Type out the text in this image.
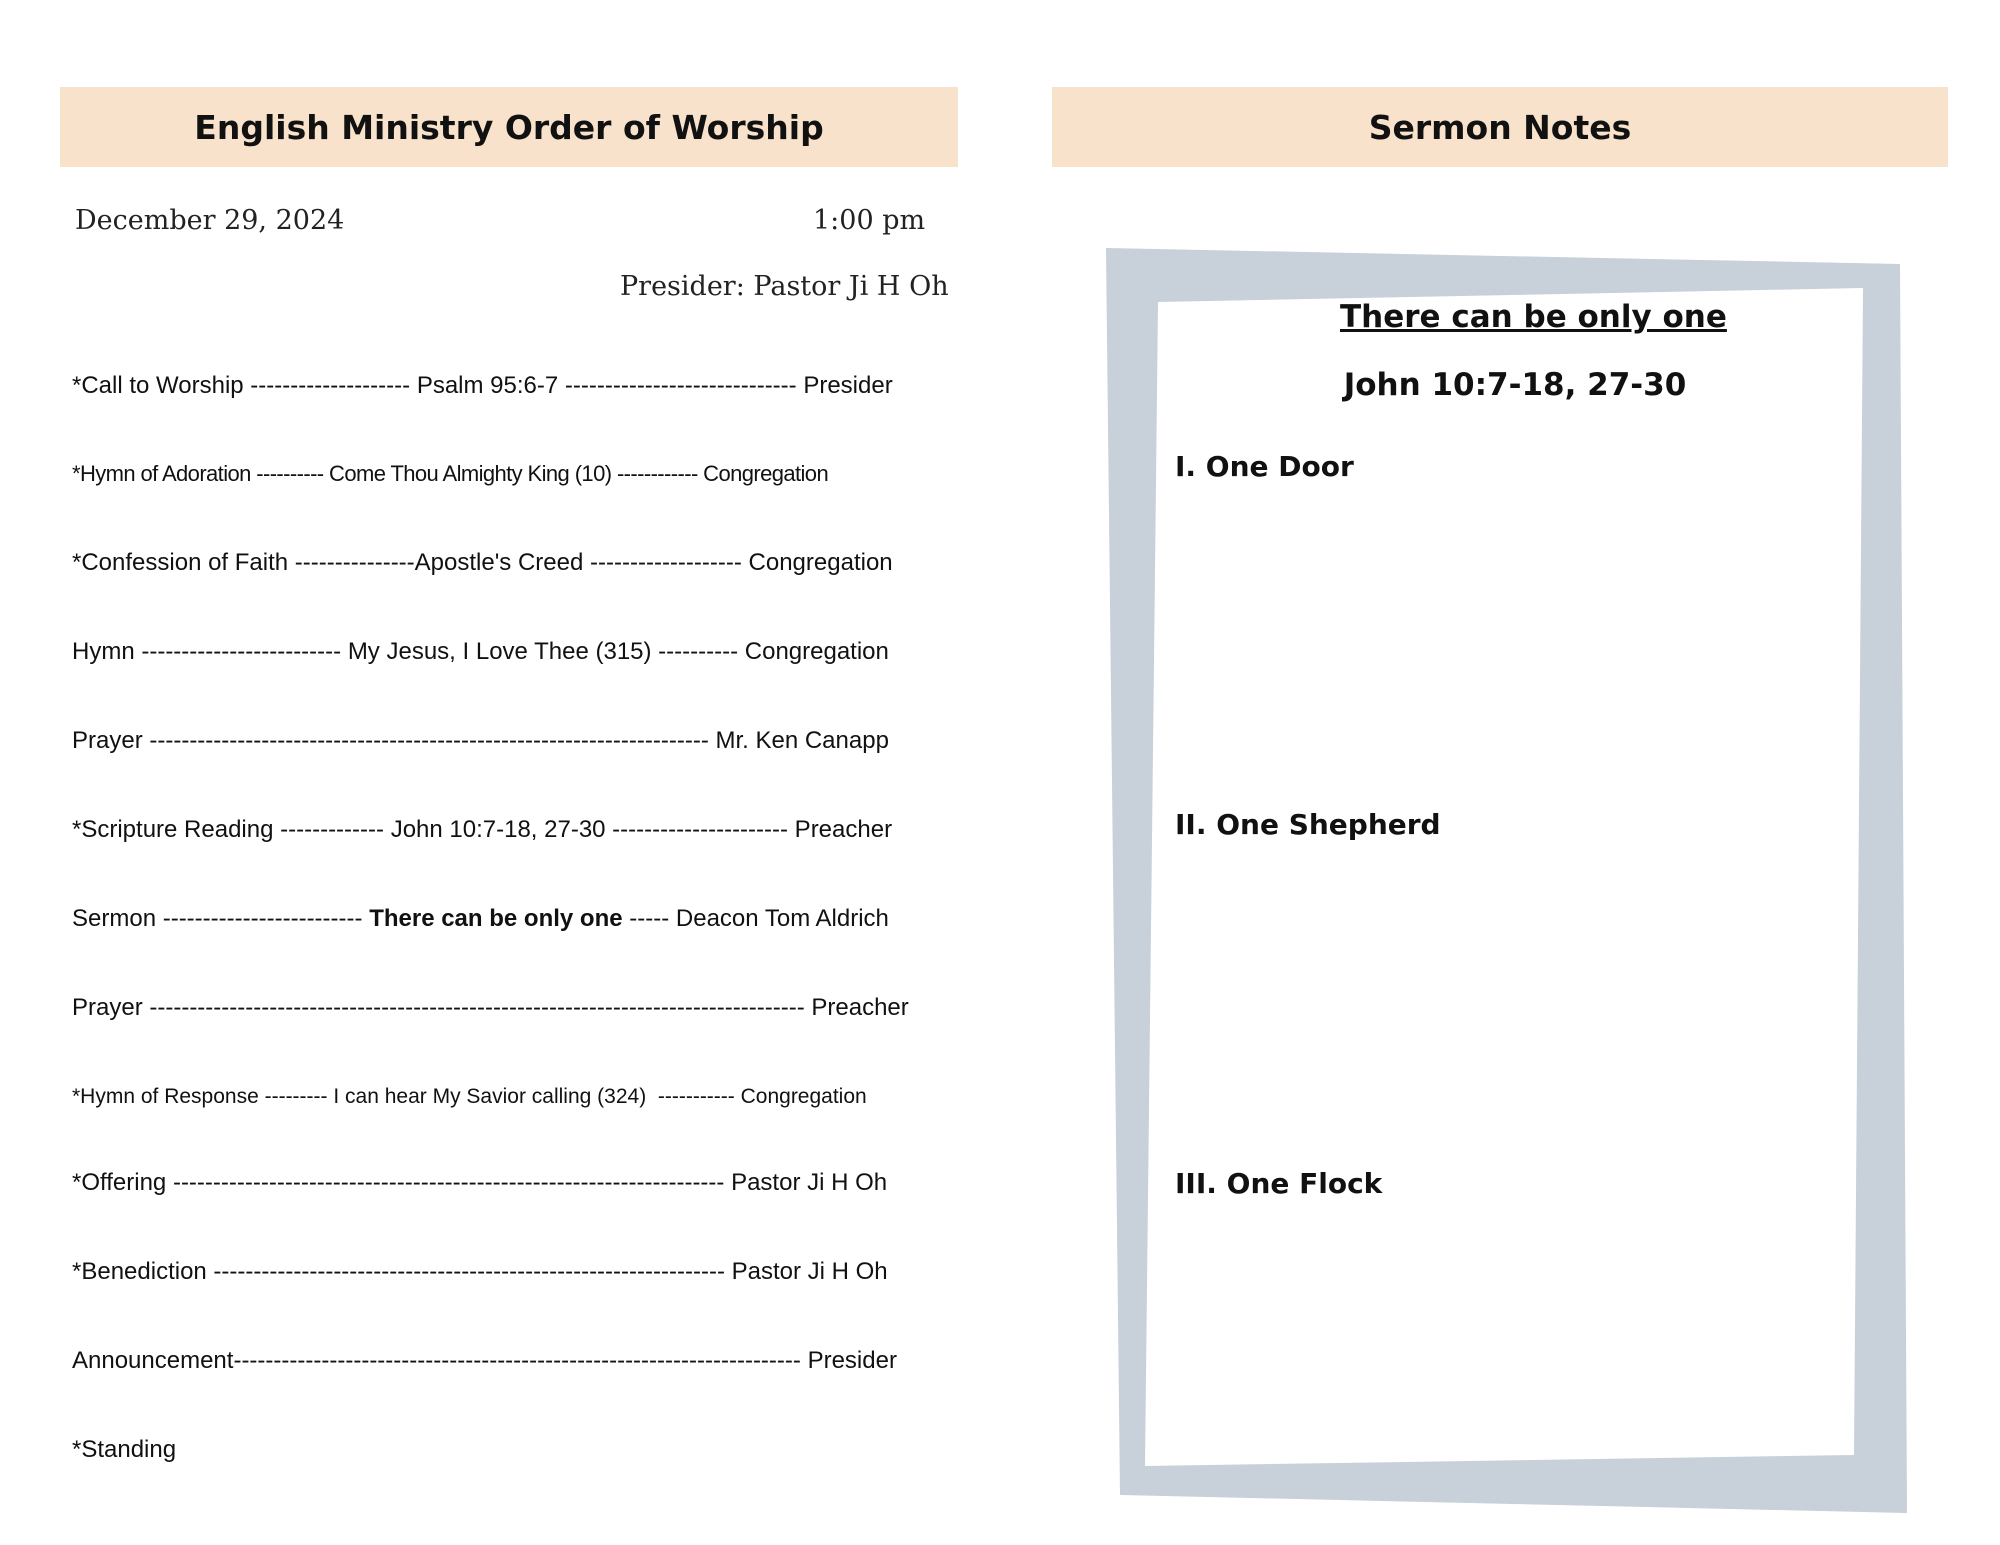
English Ministry Order of Worship	Sermon Notes
December 29, 2024	1:00 pm
Presider: Pastor Ji H Oh
*Call to Worship -------------------- Psalm 95:6-7 ----------------------------- Presider
*Hymn of Adoration ---------- Come Thou Almighty King (10) ------------ Congregation
*Confession of Faith ---------------Apostle's Creed ------------------- Congregation
Hymn ------------------------- My Jesus, I Love Thee (315) ---------- Congregation
Prayer ---------------------------------------------------------------------- Mr. Ken Canapp
*Scripture Reading ------------- John 10:7-18, 27-30 ---------------------- Preacher
Sermon ------------------------- There can be only one ----- Deacon Tom Aldrich
Prayer ---------------------------------------------------------------------------------- Preacher
*Hymn of Response --------- I can hear My Savior calling (324)  ----------- Congregation
*Offering --------------------------------------------------------------------- Pastor Ji H Oh
*Benediction ---------------------------------------------------------------- Pastor Ji H Oh
Announcement----------------------------------------------------------------------- Presider
*Standing
There can be only one
John 10:7-18, 27-30
I. One Door
II. One Shepherd
III. One Flock
